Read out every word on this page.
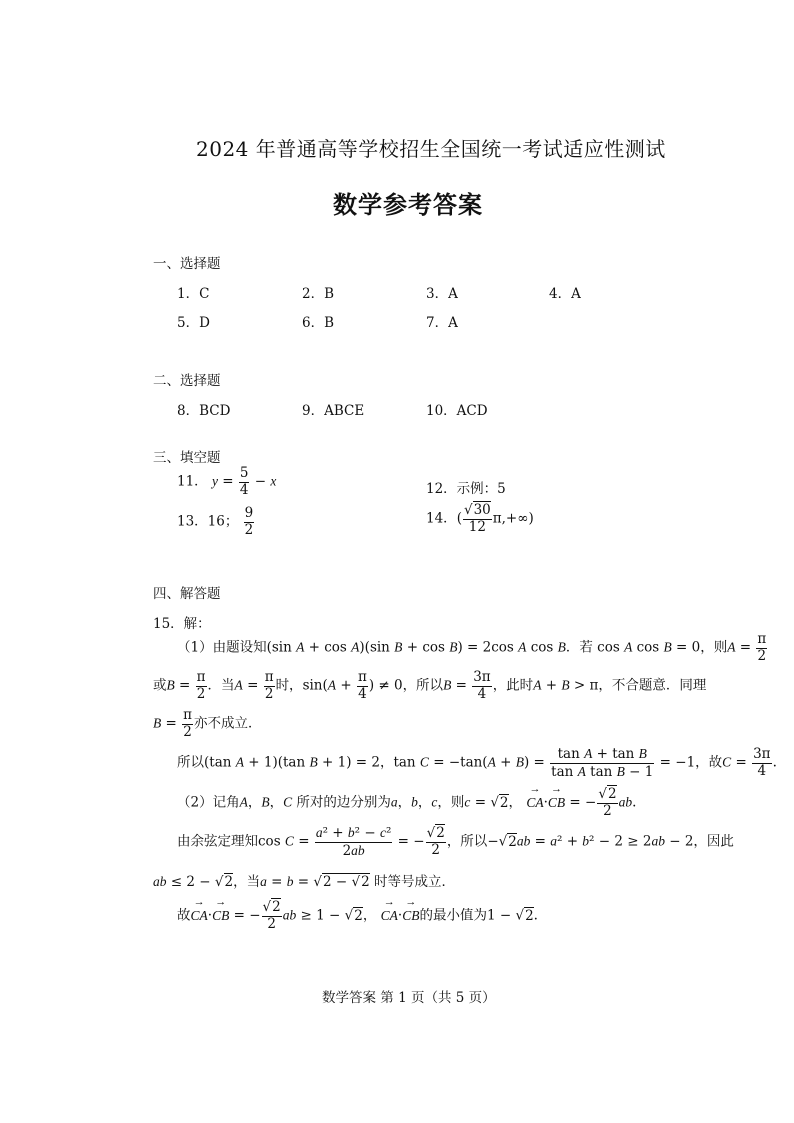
2024 年普通高等学校招生全国统一考试适应性测试
数学参考答案
一、选择题
1．C	2．B	3．A	4．A
5．D	6．B	7．A
二、选择题
8．BCD	9．ABCE	10．ACD
三、填空题
11． $y = \frac{5}{4} - x$	12．示例：5
13．16； $\frac{9}{2}$	14．( $\frac{√30}{12} \pi,+\infty$)
四、解答题
15．解：
（1）由题设知(sin A + cos A)(sin B + cos B) = 2cos A cos B．若 cos A cos B = 0，则$A = \frac{\pi}{2}$
或$B = \frac{\pi}{2}$ ．当$A = \frac{\pi}{2}$ 时，$\sin(A + \frac{\pi}{4}$ ) ≠ 0，所以$B = \frac{3\pi}{4}$ ，此时A + B > π，不合题意．同理
$B = \frac{\pi}{2}$ 亦不成立．
所以(tan A + 1)(tan B + 1) = 2，$\tan C = -\tan(A + B) = \frac{\text{tan A + tan B}}{\text{tan A tan B − 1}} = -1$，故$C = \frac{3\pi}{4}$ .
（2）记角A，B，C 所对的边分别为a，b，c，则c = √2， → CA·→ CB = − $\frac{√2}{2}$ ab.
由余弦定理知$\cos C = \frac{\text{a² + b² − c²}}{2ab}$ = − $\frac{√2}{2}$ ，所以−√2ab = a² + b² − 2 ≥ 2ab − 2，因此
ab ≤ 2 − √2，当a = b = √2 − √2 时等号成立．
故→ CA·→ CB = − $\frac{√2}{2}$ ab ≥ 1 − √2， → CA·→ CB的最小值为1 − √2.
数学答案 第 1 页（共 5 页）
